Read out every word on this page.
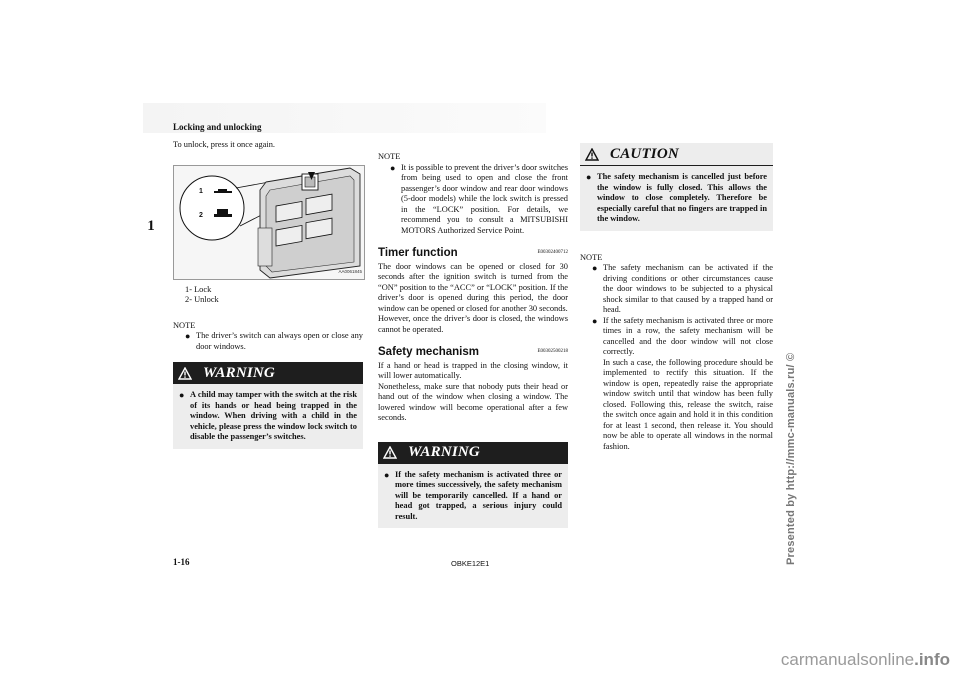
Locking and unlocking
1

To unlock, press it once again.

1
2
AA0061845
1- Lock
2- Unlock
NOTE
● The driver’s switch can always open or close any door windows.
WARNING
● A child may tamper with the switch at the risk of its hands or head being trapped in the window. When driving with a child in the vehicle, please press the window lock switch to disable the passenger’s switches.
NOTE
● It is possible to prevent the driver’s door switches from being used to open and close the front passenger’s door window and rear door windows (5-door models) while the lock switch is pressed in the “LOCK” position. For details, we recommend you to consult a MITSUBISHI MOTORS Authorized Service Point.
Timer function	E00302400712

The door windows can be opened or closed for 30 seconds after the ignition switch is turned from the “ON” position to the “ACC” or “LOCK” position. If the driver’s door is opened during this period, the door window can be opened or closed for another 30 seconds.

However, once the driver’s door is closed, the windows cannot be operated.

Safety mechanism	E00302500218

If a hand or head is trapped in the closing window, it will lower automatically.

Nonetheless, make sure that nobody puts their head or hand out of the window when closing a window. The lowered window will become operational after a few seconds.

WARNING
● If the safety mechanism is activated three or more times successively, the safety mechanism will be temporarily cancelled. If a hand or head got trapped, a serious injury could result.
CAUTION
● The safety mechanism is cancelled just before the window is fully closed. This allows the window to close completely. Therefore be especially careful that no fingers are trapped in the window.
NOTE
● The safety mechanism can be activated if the driving conditions or other circumstances cause the door windows to be subjected to a physical shock similar to that caused by a trapped hand or head.
● If the safety mechanism is activated three or more times in a row, the safety mechanism will be cancelled and the door window will not close correctly.

In such a case, the following procedure should be implemented to rectify this situation. If the window is open, repeatedly raise the appropriate window switch until that window has been fully closed. Following this, release the switch, raise the switch once again and hold it in this condition for at least 1 second, then release it. You should now be able to operate all windows in the normal fashion.

1-16	OBKE12E1	Presented by http://mmc-manuals.ru/ ©
carmanualsonline.info
